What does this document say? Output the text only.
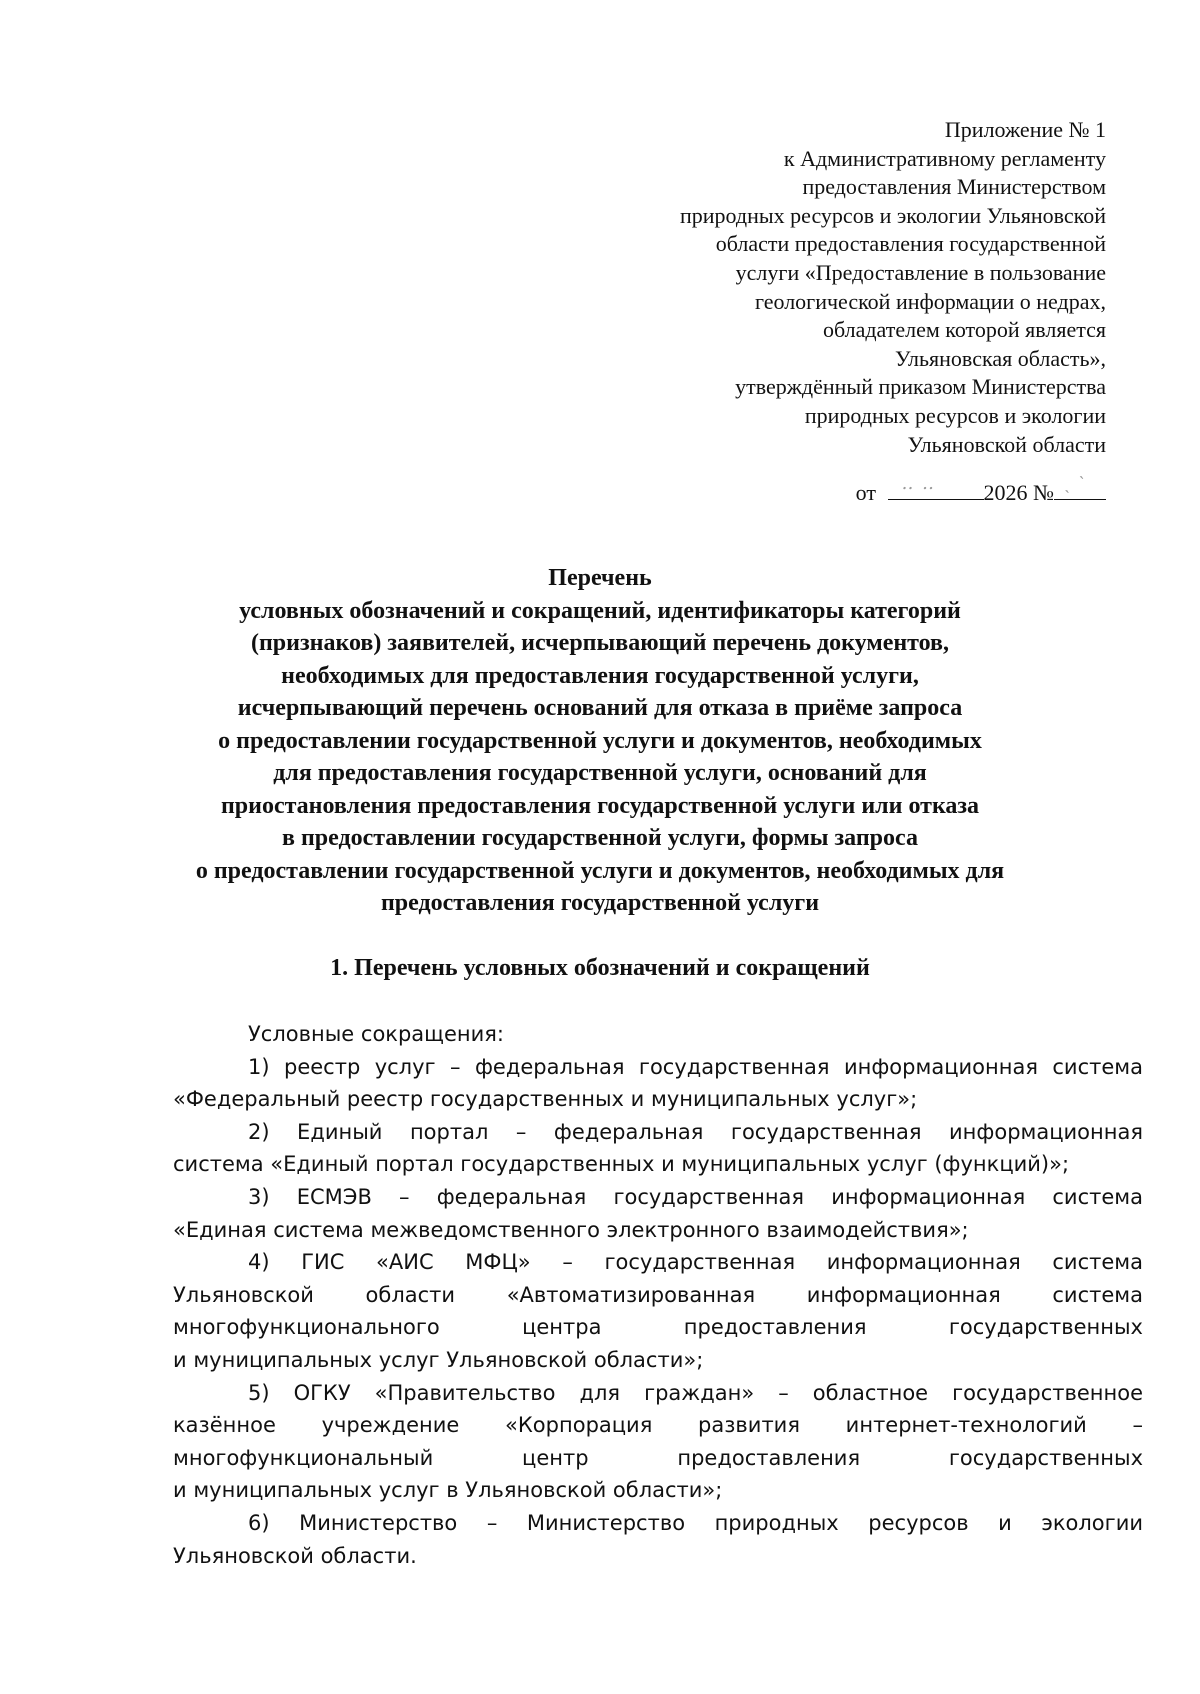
Приложение № 1
к Административному регламенту
предоставления Министерством
природных ресурсов и экологии Ульяновской
области предоставления государственной
услуги «Предоставление в пользование
геологической информации о недрах,
обладателем которой является
Ульяновская область»,
утверждённый приказом Министерства
природных ресурсов и экологии
Ульяновской области
от ‥ ‥ 2026 № ˎ ˋ
Перечень
условных обозначений и сокращений, идентификаторы категорий
(признаков) заявителей, исчерпывающий перечень документов,
необходимых для предоставления государственной услуги,
исчерпывающий перечень оснований для отказа в приёме запроса
о предоставлении государственной услуги и документов, необходимых
для предоставления государственной услуги, оснований для
приостановления предоставления государственной услуги или отказа
в предоставлении государственной услуги, формы запроса
о предоставлении государственной услуги и документов, необходимых для
предоставления государственной услуги
1. Перечень условных обозначений и сокращений
Условные сокращения:
1) реестр услуг – федеральная государственная информационная система
«Федеральный реестр государственных и муниципальных услуг»;
2) Единый портал – федеральная государственная информационная
система «Единый портал государственных и муниципальных услуг (функций)»;
3) ЕСМЭВ – федеральная государственная информационная система
«Единая система межведомственного электронного взаимодействия»;
4) ГИС «АИС МФЦ» – государственная информационная система
Ульяновской области «Автоматизированная информационная система
многофункционального центра предоставления государственных
и муниципальных услуг Ульяновской области»;
5) ОГКУ «Правительство для граждан» – областное государственное
казённое учреждение «Корпорация развития интернет-технологий –
многофункциональный центр предоставления государственных
и муниципальных услуг в Ульяновской области»;
6) Министерство – Министерство природных ресурсов и экологии
Ульяновской области.
